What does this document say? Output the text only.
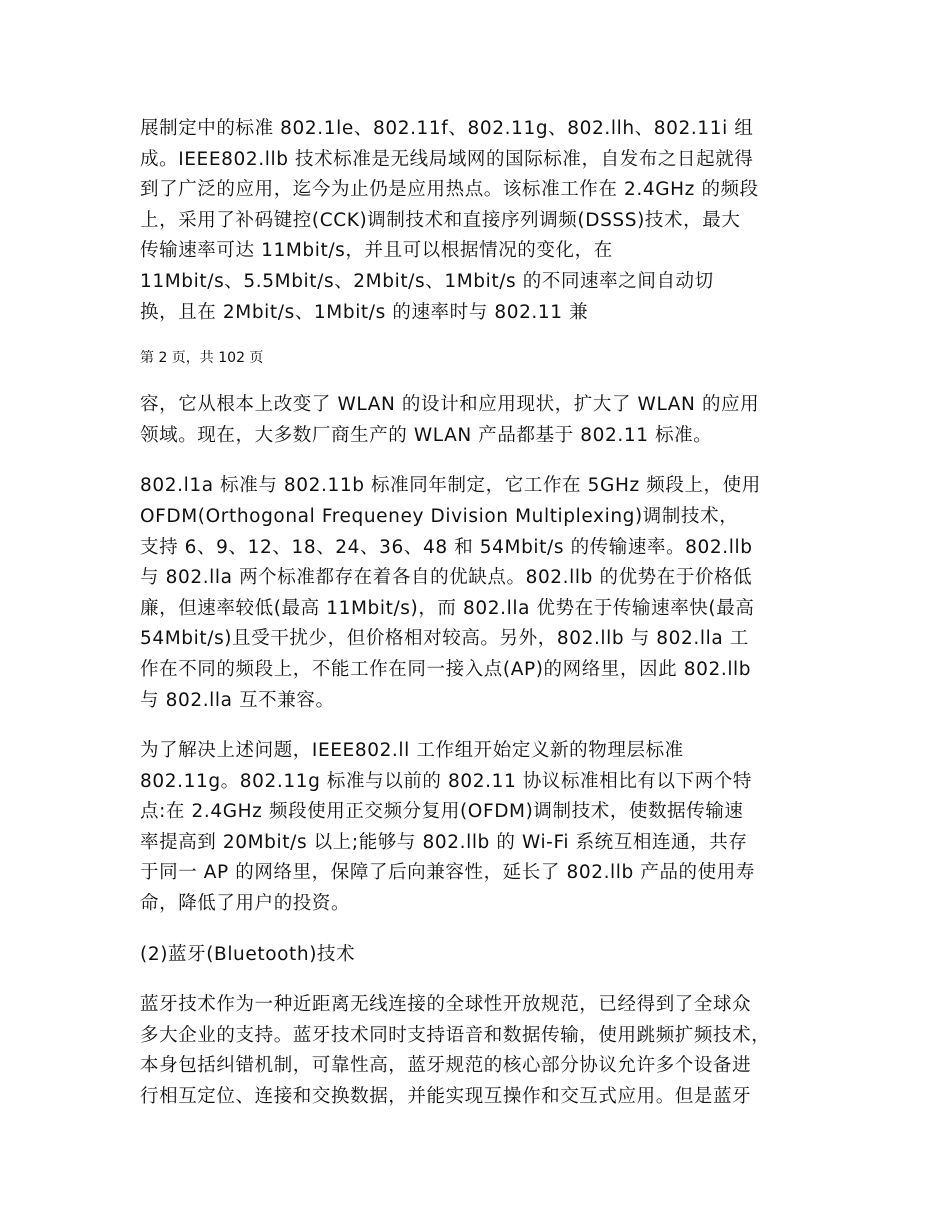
展制定中的标准 802.1le、802.11f、802.11g、802.llh、802.11i 组
成。IEEE802.llb 技术标准是无线局域网的国际标准，自发布之日起就得
到了广泛的应用，迄今为止仍是应用热点。该标准工作在 2.4GHz 的频段
上，采用了补码键控(CCK)调制技术和直接序列调频(DSSS)技术，最大
传输速率可达 11Mbit/s，并且可以根据情况的变化，在
11Mbit/s、5.5Mbit/s、2Mbit/s、1Mbit/s 的不同速率之间自动切
换，且在 2Mbit/s、1Mbit/s 的速率时与 802.11 兼
第 2 页，共 102 页
容，它从根本上改变了 WLAN 的设计和应用现状，扩大了 WLAN 的应用
领域。现在，大多数厂商生产的 WLAN 产品都基于 802.11 标准。
802.l1a 标准与 802.11b 标准同年制定，它工作在 5GHz 频段上，使用
OFDM(Orthogonal Frequeney Division Multiplexing)调制技术，
支持 6、9、12、18、24、36、48 和 54Mbit/s 的传输速率。802.llb
与 802.lla 两个标准都存在着各自的优缺点。802.llb 的优势在于价格低
廉，但速率较低(最高 11Mbit/s)，而 802.lla 优势在于传输速率快(最高
54Mbit/s)且受干扰少，但价格相对较高。另外，802.llb 与 802.lla 工
作在不同的频段上，不能工作在同一接入点(AP)的网络里，因此 802.llb
与 802.lla 互不兼容。
为了解决上述问题，IEEE802.ll 工作组开始定义新的物理层标准
802.11g。802.11g 标准与以前的 802.11 协议标准相比有以下两个特
点:在 2.4GHz 频段使用正交频分复用(OFDM)调制技术，使数据传输速
率提高到 20Mbit/s 以上;能够与 802.llb 的 Wi-Fi 系统互相连通，共存
于同一 AP 的网络里，保障了后向兼容性，延长了 802.llb 产品的使用寿
命，降低了用户的投资。
(2)蓝牙(Bluetooth)技术
蓝牙技术作为一种近距离无线连接的全球性开放规范，已经得到了全球众
多大企业的支持。蓝牙技术同时支持语音和数据传输，使用跳频扩频技术，
本身包括纠错机制，可靠性高，蓝牙规范的核心部分协议允许多个设备进
行相互定位、连接和交换数据，并能实现互操作和交互式应用。但是蓝牙
